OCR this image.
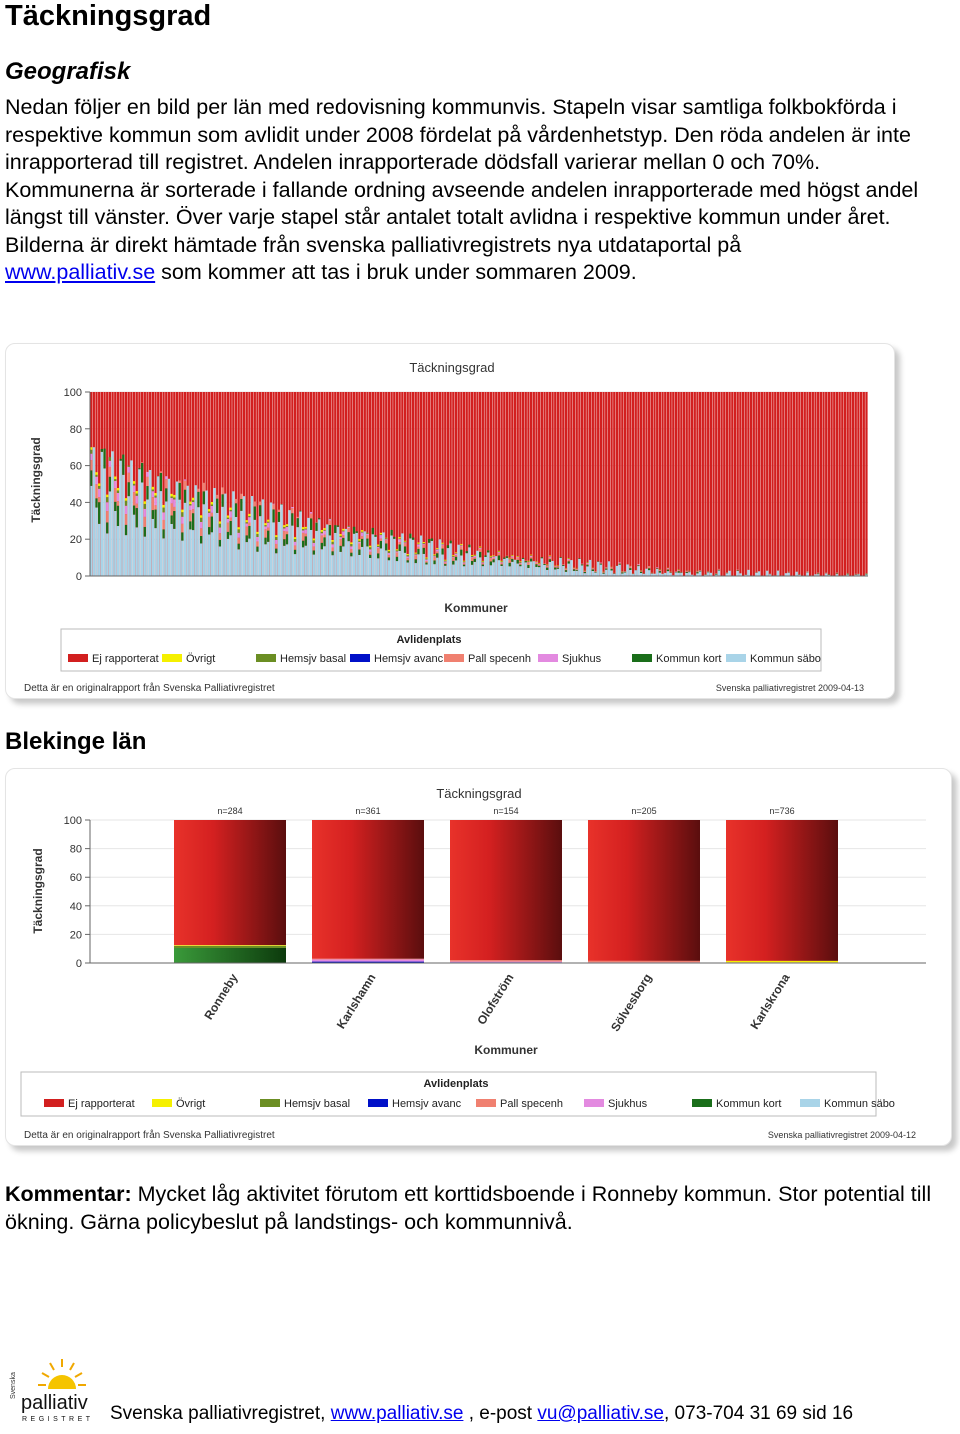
Täckningsgrad
Geografisk

Nedan följer en bild per län med redovisning kommunvis. Stapeln visar samtliga folkbokförda i respektive kommun som avlidit under 2008 fördelat på vårdenhetstyp. Den röda andelen är inte inrapporterad till registret. Andelen inrapporterade dödsfall varierar mellan 0 och 70%. Kommunerna är sorterade i fallande ordning avseende andelen inrapporterade med högst andel längst till vänster. Över varje stapel står antalet totalt avlidna i respektive kommun under året.

Bilderna är direkt hämtade från svenska palliativregistrets nya utdataportal på
www.palliativ.se som kommer att tas i bruk under sommaren 2009.

Täckningsgrad
Täckningsgrad
0
20
40
60
80
100
Kommuner
Avlidenplats
Ej rapporterat Övrigt	Hemsjv basal	Hemsjv avanc Pall specenh	Sjukhus	Kommun kort	Kommun säbo
Detta är en originalrapport från Svenska Palliativregistret	Svenska palliativregistret 2009-04-13
Blekinge län
Täckningsgrad
Täckningsgrad
0
20
40
60
80
100
n=284
Ronneby
n=361
Karlshamn
n=154
Olofström
n=205
Sölvesborg
n=736
Karlskrona
Kommuner
Avlidenplats
Ej rapporterat	Övrigt	Hemsjv basal	Hemsjv avanc	Pall specenh	Sjukhus	Kommun kort	Kommun säbo
Detta är en originalrapport från Svenska Palliativregistret	Svenska palliativregistret 2009-04-12

Kommentar: Mycket låg aktivitet förutom ett korttidsboende i Ronneby kommun. Stor potential till ökning. Gärna policybeslut på landstings- och kommunnivå.

Svenska
palliativ
REGISTRET Svenska palliativregistret, www.palliativ.se , e-post vu@palliativ.se, 073-704 31 69 sid 16
